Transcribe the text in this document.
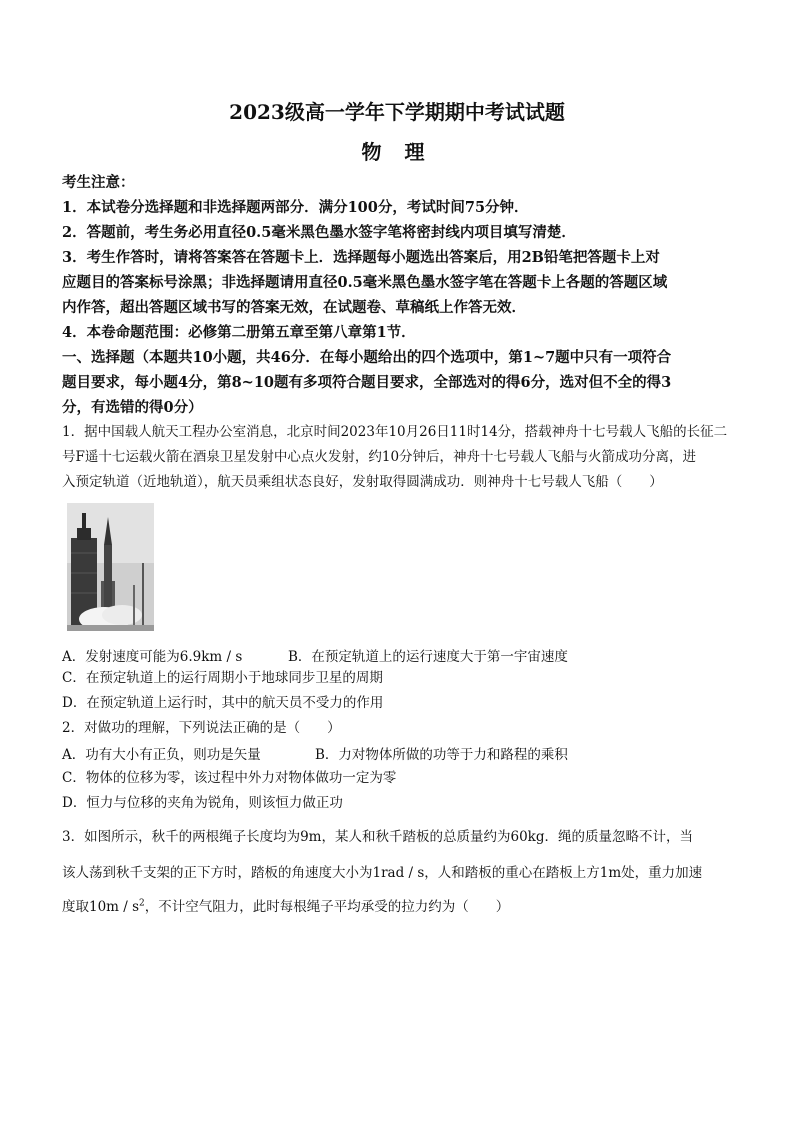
2023级高一学年下学期期中考试试题
物 理
考生注意：
1．本试卷分选择题和非选择题两部分．满分100分，考试时间75分钟．
2．答题前，考生务必用直径0.5毫米黑色墨水签字笔将密封线内项目填写清楚．
3．考生作答时，请将答案答在答题卡上．选择题每小题选出答案后，用2B铅笔把答题卡上对
应题目的答案标号涂黑；非选择题请用直径0.5毫米黑色墨水签字笔在答题卡上各题的答题区域
内作答，超出答题区域书写的答案无效，在试题卷、草稿纸上作答无效．
4．本卷命题范围：必修第二册第五章至第八章第1节．
一、选择题（本题共10小题，共46分．在每小题给出的四个选项中，第1~7题中只有一项符合
题目要求，每小题4分，第8~10题有多项符合题目要求，全部选对的得6分，选对但不全的得3
分，有选错的得0分）
1．据中国载人航天工程办公室消息，北京时间2023年10月26日11时14分，搭载神舟十七号载人飞船的长征二
号F遥十七运载火箭在酒泉卫星发射中心点火发射，约10分钟后，神舟十七号载人飞船与火箭成功分离，进
入预定轨道（近地轨道），航天员乘组状态良好，发射取得圆满成功．则神舟十七号载人飞船（　　）
A．发射速度可能为6.9km / s	B．在预定轨道上的运行速度大于第一宇宙速度
C．在预定轨道上的运行周期小于地球同步卫星的周期
D．在预定轨道上运行时，其中的航天员不受力的作用
2．对做功的理解，下列说法正确的是（　　）
A．功有大小有正负，则功是矢量	B．力对物体所做的功等于力和路程的乘积
C．物体的位移为零，该过程中外力对物体做功一定为零
D．恒力与位移的夹角为锐角，则该恒力做正功
3．如图所示，秋千的两根绳子长度均为9m，某人和秋千踏板的总质量约为60kg．绳的质量忽略不计，当
该人荡到秋千支架的正下方时，踏板的角速度大小为1rad / s，人和踏板的重心在踏板上方1m处，重力加速
度取$10m / s^2$，不计空气阻力，此时每根绳子平均承受的拉力约为（　　）
